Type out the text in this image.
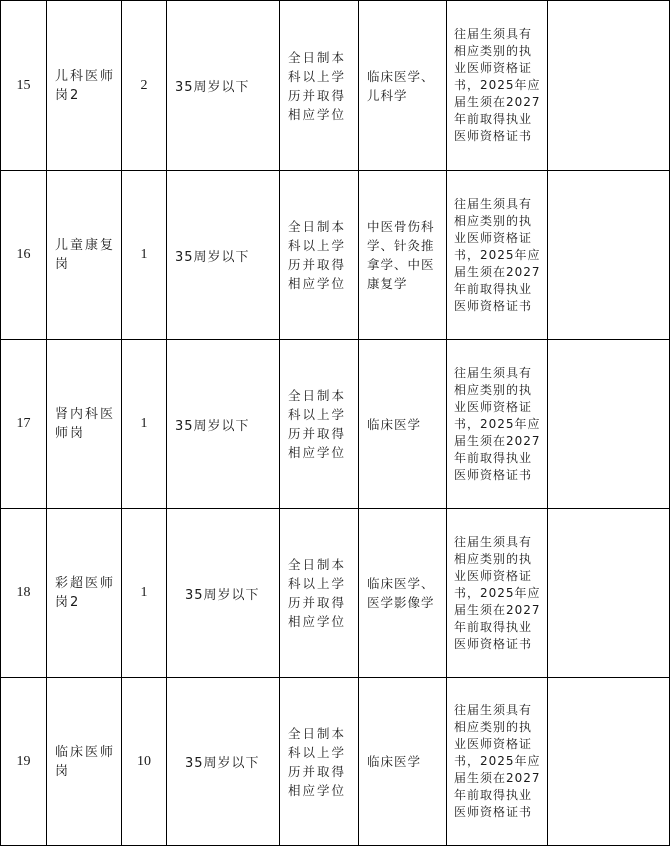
15	儿科医师岗2	2	35周岁以下	全日制本科以上学历并取得相应学位	临床医学、儿科学	往届生须具有相应类别的执业医师资格证书，2025年应届生须在2027年前取得执业医师资格证书	

16	儿童康复岗	1	35周岁以下	全日制本科以上学历并取得相应学位	中医骨伤科学、针灸推拿学、中医康复学	往届生须具有相应类别的执业医师资格证书，2025年应届生须在2027年前取得执业医师资格证书	

17	肾内科医师岗	1	35周岁以下	全日制本科以上学历并取得相应学位	临床医学	往届生须具有相应类别的执业医师资格证书，2025年应届生须在2027年前取得执业医师资格证书	

18	彩超医师岗2	1	35周岁以下	全日制本科以上学历并取得相应学位	临床医学、医学影像学	往届生须具有相应类别的执业医师资格证书，2025年应届生须在2027年前取得执业医师资格证书	

19	临床医师岗	10	35周岁以下	全日制本科以上学历并取得相应学位	临床医学	往届生须具有相应类别的执业医师资格证书，2025年应届生须在2027年前取得执业医师资格证书	
